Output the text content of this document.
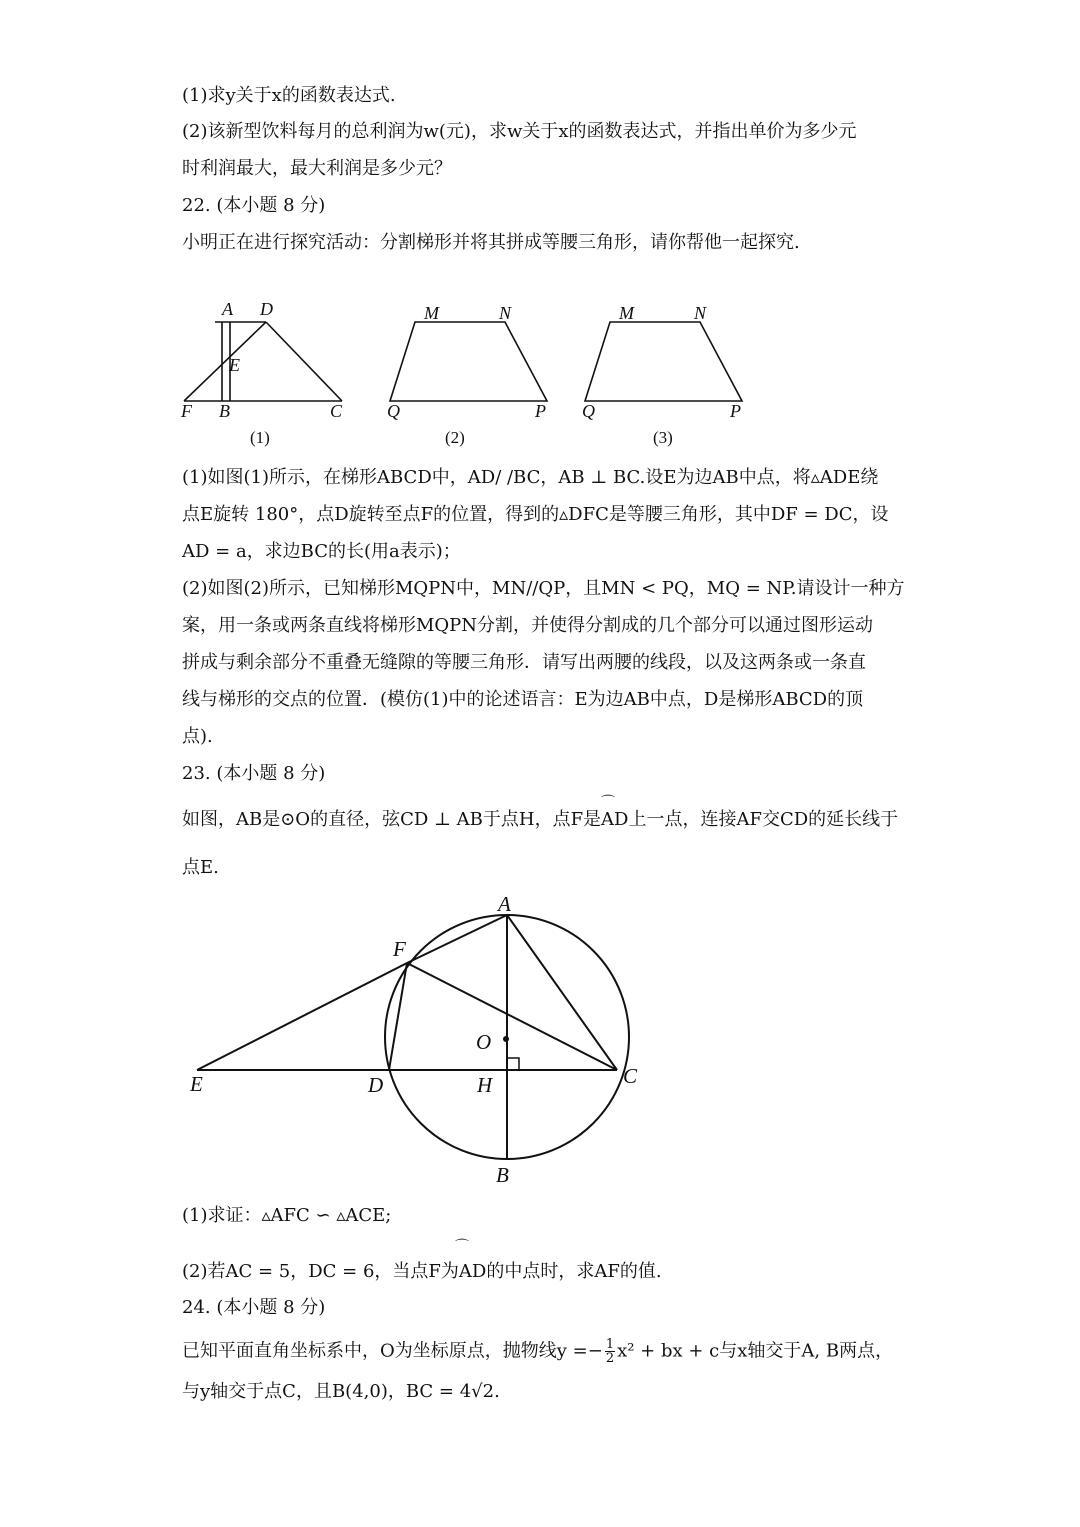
(1)求y关于x的函数表达式.
(2)该新型饮料每月的总利润为w(元)，求w关于x的函数表达式，并指出单价为多少元
时利润最大，最大利润是多少元？
22. (本小题 8 分)
小明正在进行探究活动：分割梯形并将其拼成等腰三角形，请你帮他一起探究.
A D
E
F B	C
(1)
M	N
Q	P
(2)
M	N
Q	P
(3)
(1)如图(1)所示，在梯形ABCD中，AD/ /BC，AB ⊥ BC.设E为边AB中点，将▵ADE绕
点E旋转 180°，点D旋转至点F的位置，得到的▵DFC是等腰三角形，其中DF = DC，设
AD = a，求边BC的长(用a表示)；
(2)如图(2)所示，已知梯形MQPN中，MN//QP，且MN < PQ，MQ = NP.请设计一种方
案，用一条或两条直线将梯形MQPN分割，并使得分割成的几个部分可以通过图形运动
拼成与剩余部分不重叠无缝隙的等腰三角形．请写出两腰的线段，以及这两条或一条直
线与梯形的交点的位置．(模仿(1)中的论述语言：E为边AB中点，D是梯形ABCD的顶
点).
23. (本小题 8 分)
如图，AB是⊙O的直径，弦CD ⊥ AB于点H，点F是AD上一点，连接AF交CD的延长线于
⌒
点E.
A
F
O
C
E	D	H
B
(1)求证：▵AFC ∽ ▵ACE;
⌒
(2)若AC = 5，DC = 6，当点F为AD的中点时，求AF的值.
24. (本小题 8 分)
已知平面直角坐标系中，O为坐标原点，抛物线$y =- \frac{1}{2} x^2$ + bx + c与x轴交于A, B两点，
与y轴交于点C，且B(4,0)，BC = 4√2.
